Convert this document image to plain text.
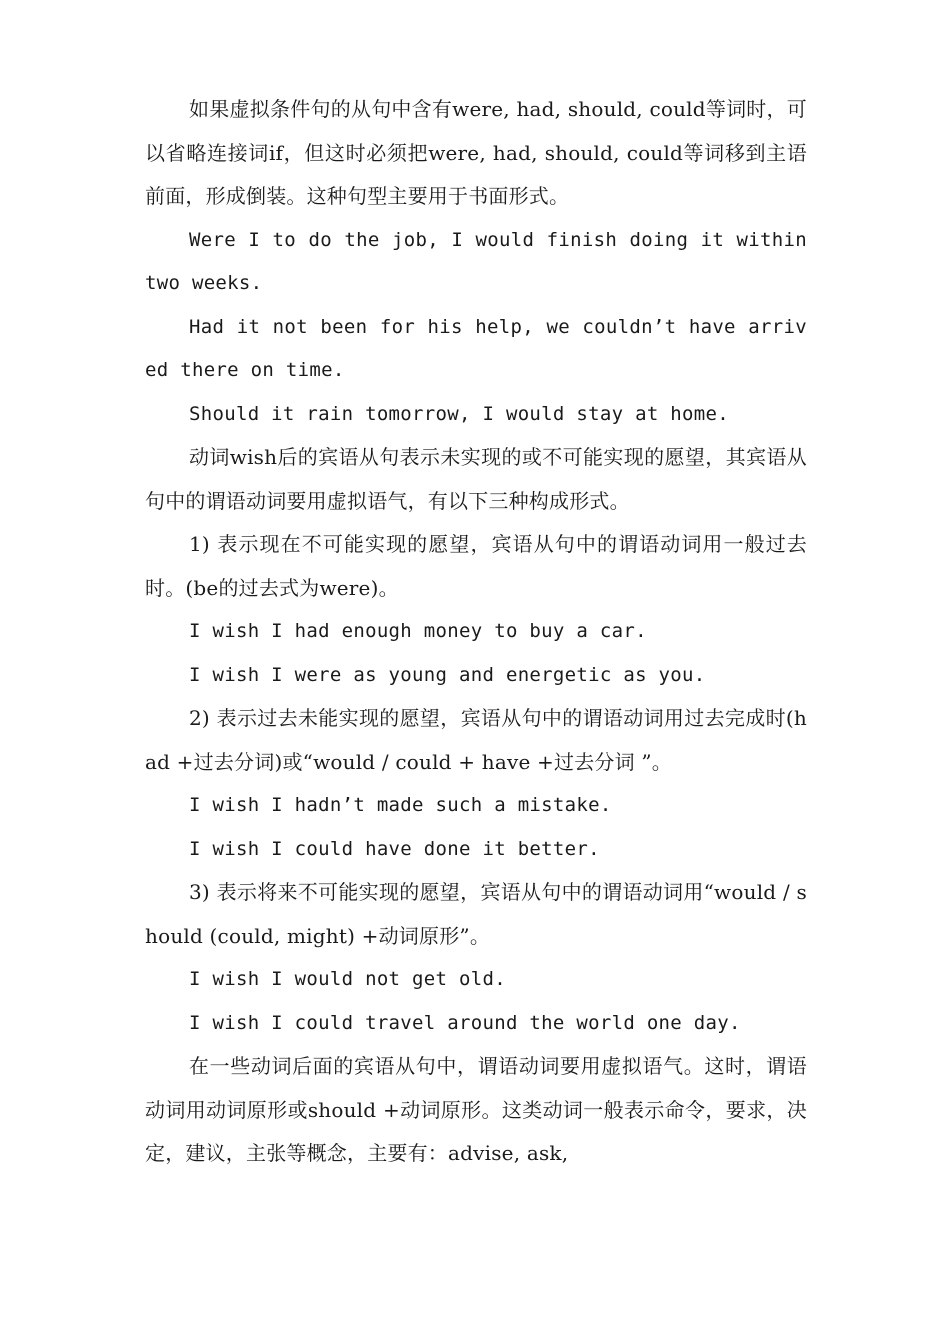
如果虚拟条件句的从句中含有were, had, should, could等词时，可以省略连接词if，但这时必须把were, had, should, could等词移到主语前面，形成倒装。这种句型主要用于书面形式。

Were I to do the job, I would finish doing it within two weeks.

Had it not been for his help, we couldn’t have arrived there on time.

Should it rain tomorrow, I would stay at home.

动词wish后的宾语从句表示未实现的或不可能实现的愿望，其宾语从句中的谓语动词要用虚拟语气，有以下三种构成形式。

1) 表示现在不可能实现的愿望，宾语从句中的谓语动词用一般过去时。(be的过去式为were)。

I wish I had enough money to buy a car.

I wish I were as young and energetic as you.

2) 表示过去未能实现的愿望，宾语从句中的谓语动词用过去完成时(had +过去分词)或“would / could + have +过去分词 ”。

I wish I hadn’t made such a mistake.

I wish I could have done it better.

3) 表示将来不可能实现的愿望，宾语从句中的谓语动词用“would / should (could, might) +动词原形”。

I wish I would not get old.

I wish I could travel around the world one day.

在一些动词后面的宾语从句中，谓语动词要用虚拟语气。这时，谓语动词用动词原形或should +动词原形。这类动词一般表示命令，要求，决定，建议，主张等概念，主要有：advise, ask,
